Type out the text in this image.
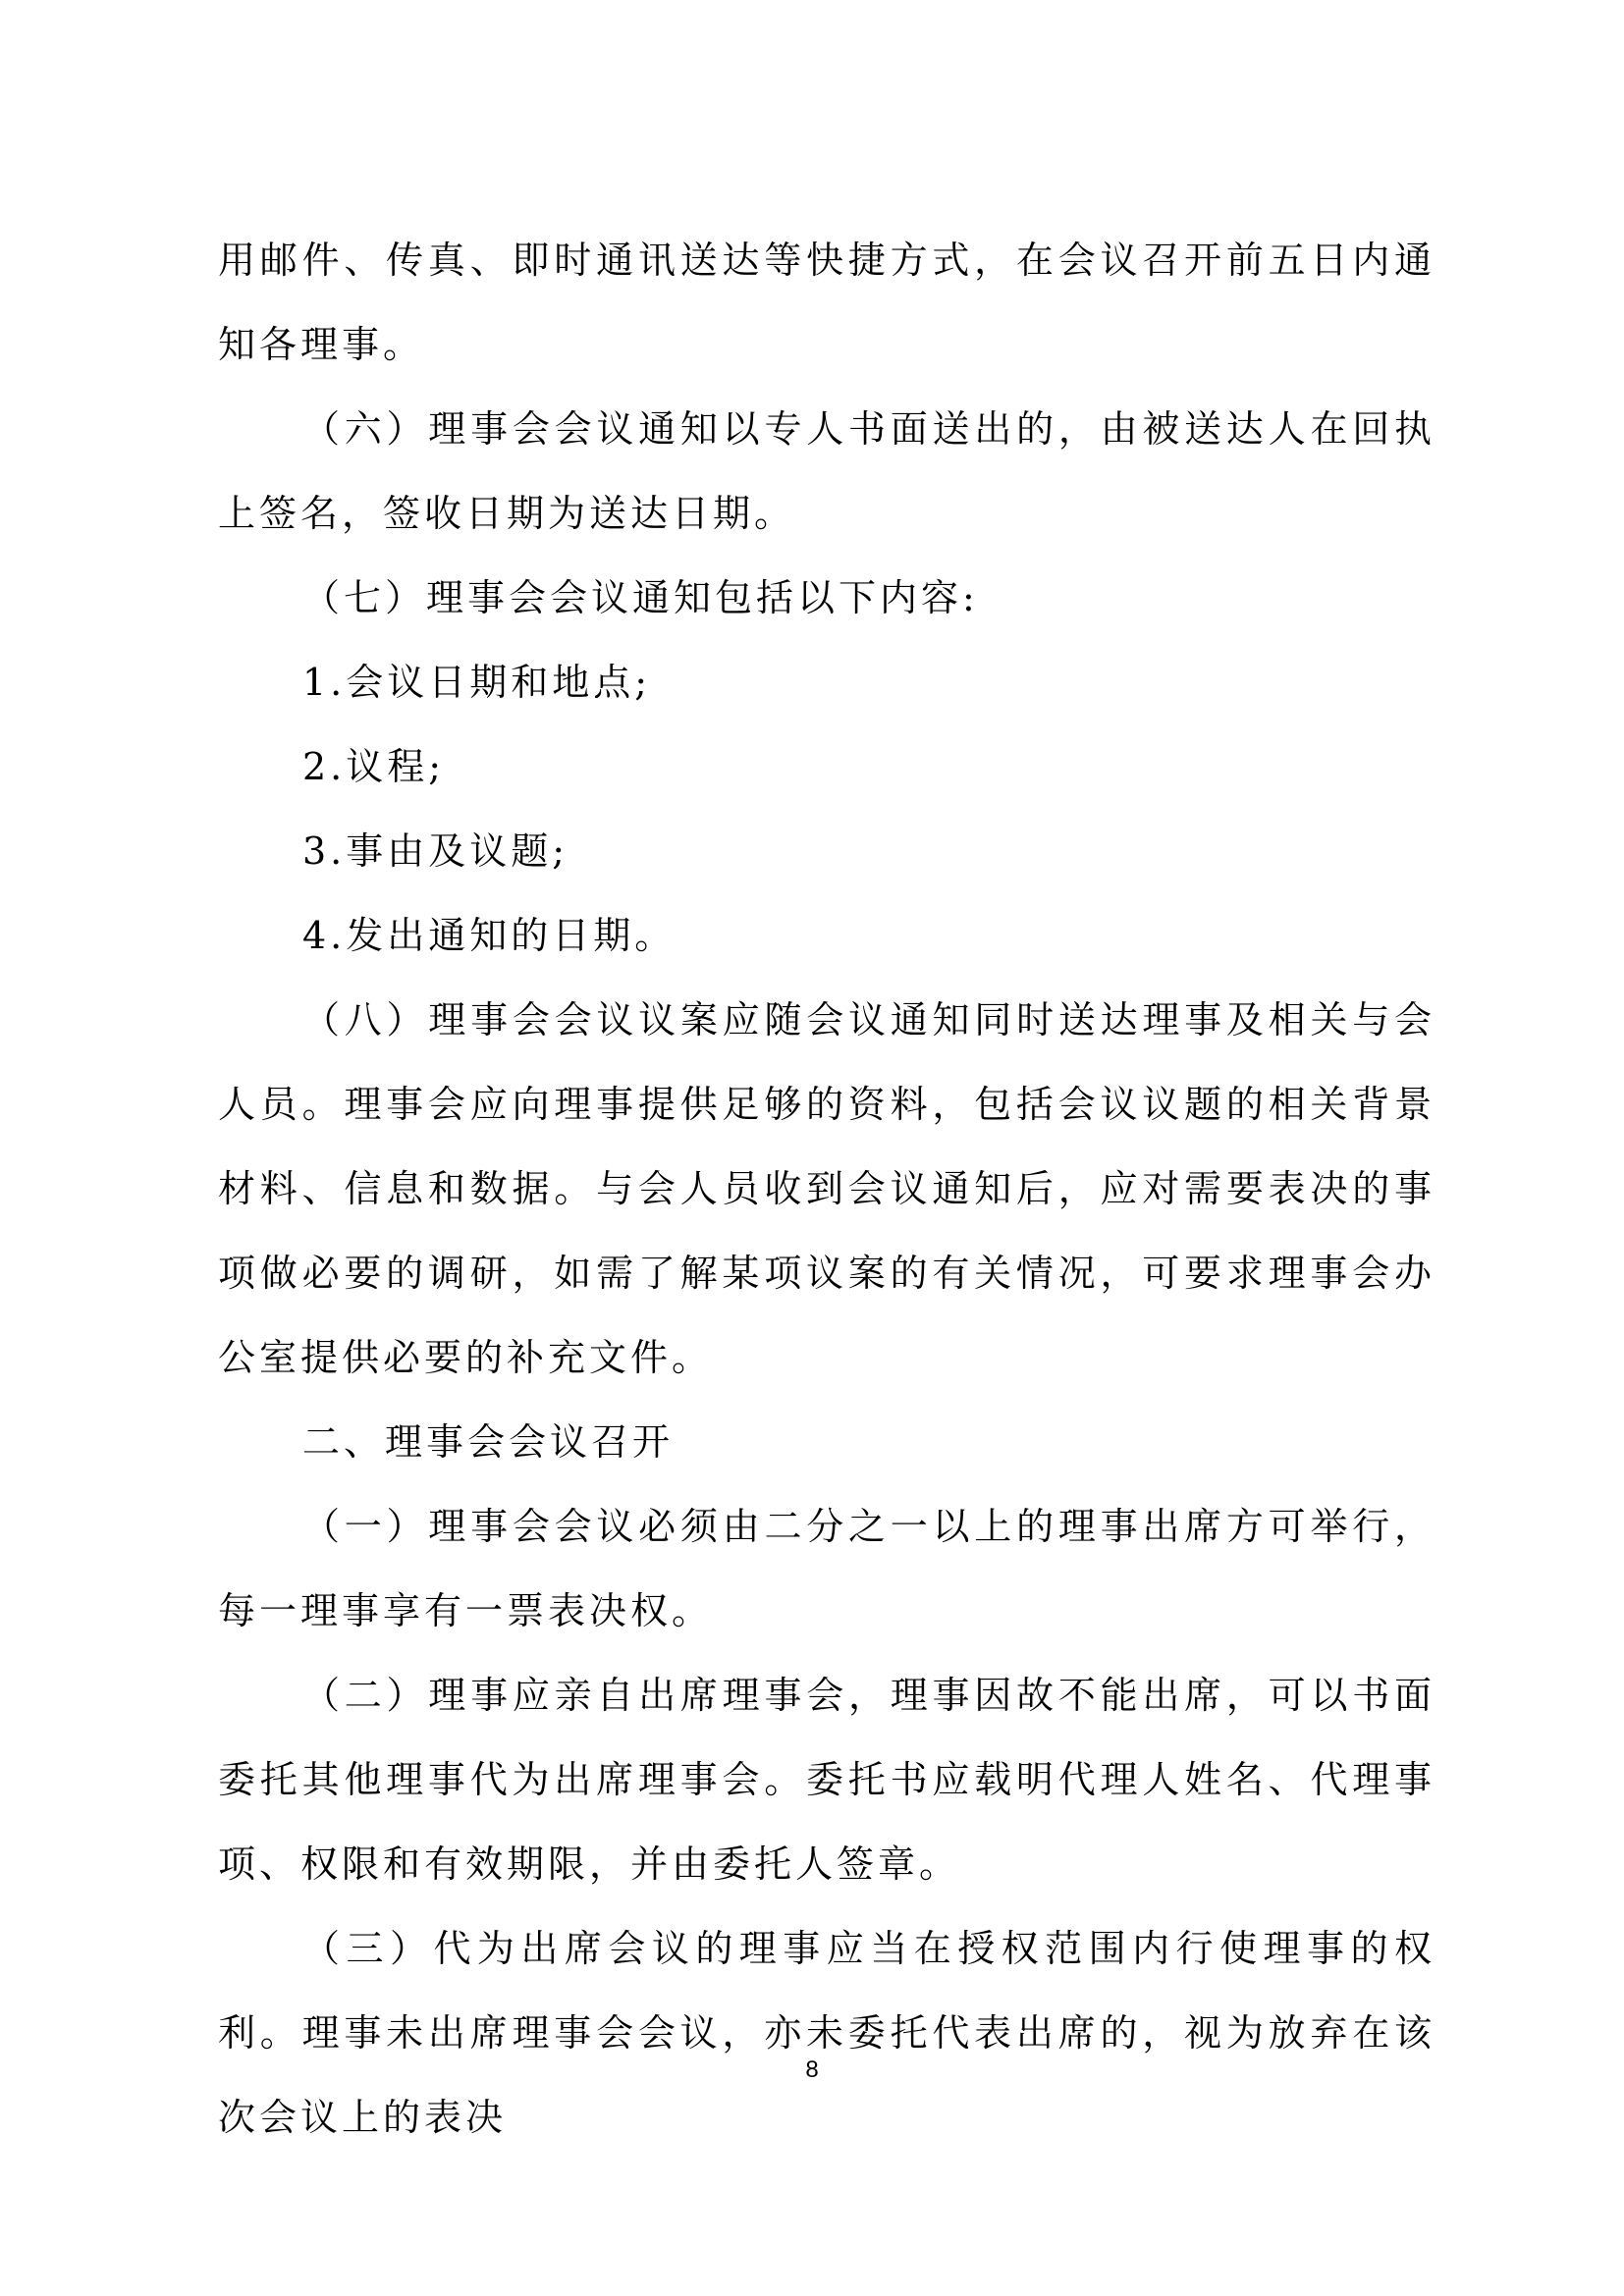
用邮件、传真、即时通讯送达等快捷方式，在会议召开前五日内通知各理事。

（六）理事会会议通知以专人书面送出的，由被送达人在回执上签名，签收日期为送达日期。

（七）理事会会议通知包括以下内容:

1.会议日期和地点;

2.议程;

3.事由及议题;

4.发出通知的日期。

（八）理事会会议议案应随会议通知同时送达理事及相关与会人员。理事会应向理事提供足够的资料，包括会议议题的相关背景材料、信息和数据。与会人员收到会议通知后，应对需要表决的事项做必要的调研，如需了解某项议案的有关情况，可要求理事会办公室提供必要的补充文件。

二、理事会会议召开

（一）理事会会议必须由二分之一以上的理事出席方可举行，每一理事享有一票表决权。

（二）理事应亲自出席理事会，理事因故不能出席，可以书面委托其他理事代为出席理事会。委托书应载明代理人姓名、代理事项、权限和有效期限，并由委托人签章。

（三）代为出席会议的理事应当在授权范围内行使理事的权利。理事未出席理事会会议，亦未委托代表出席的，视为放弃在该次会议上的表决

8
